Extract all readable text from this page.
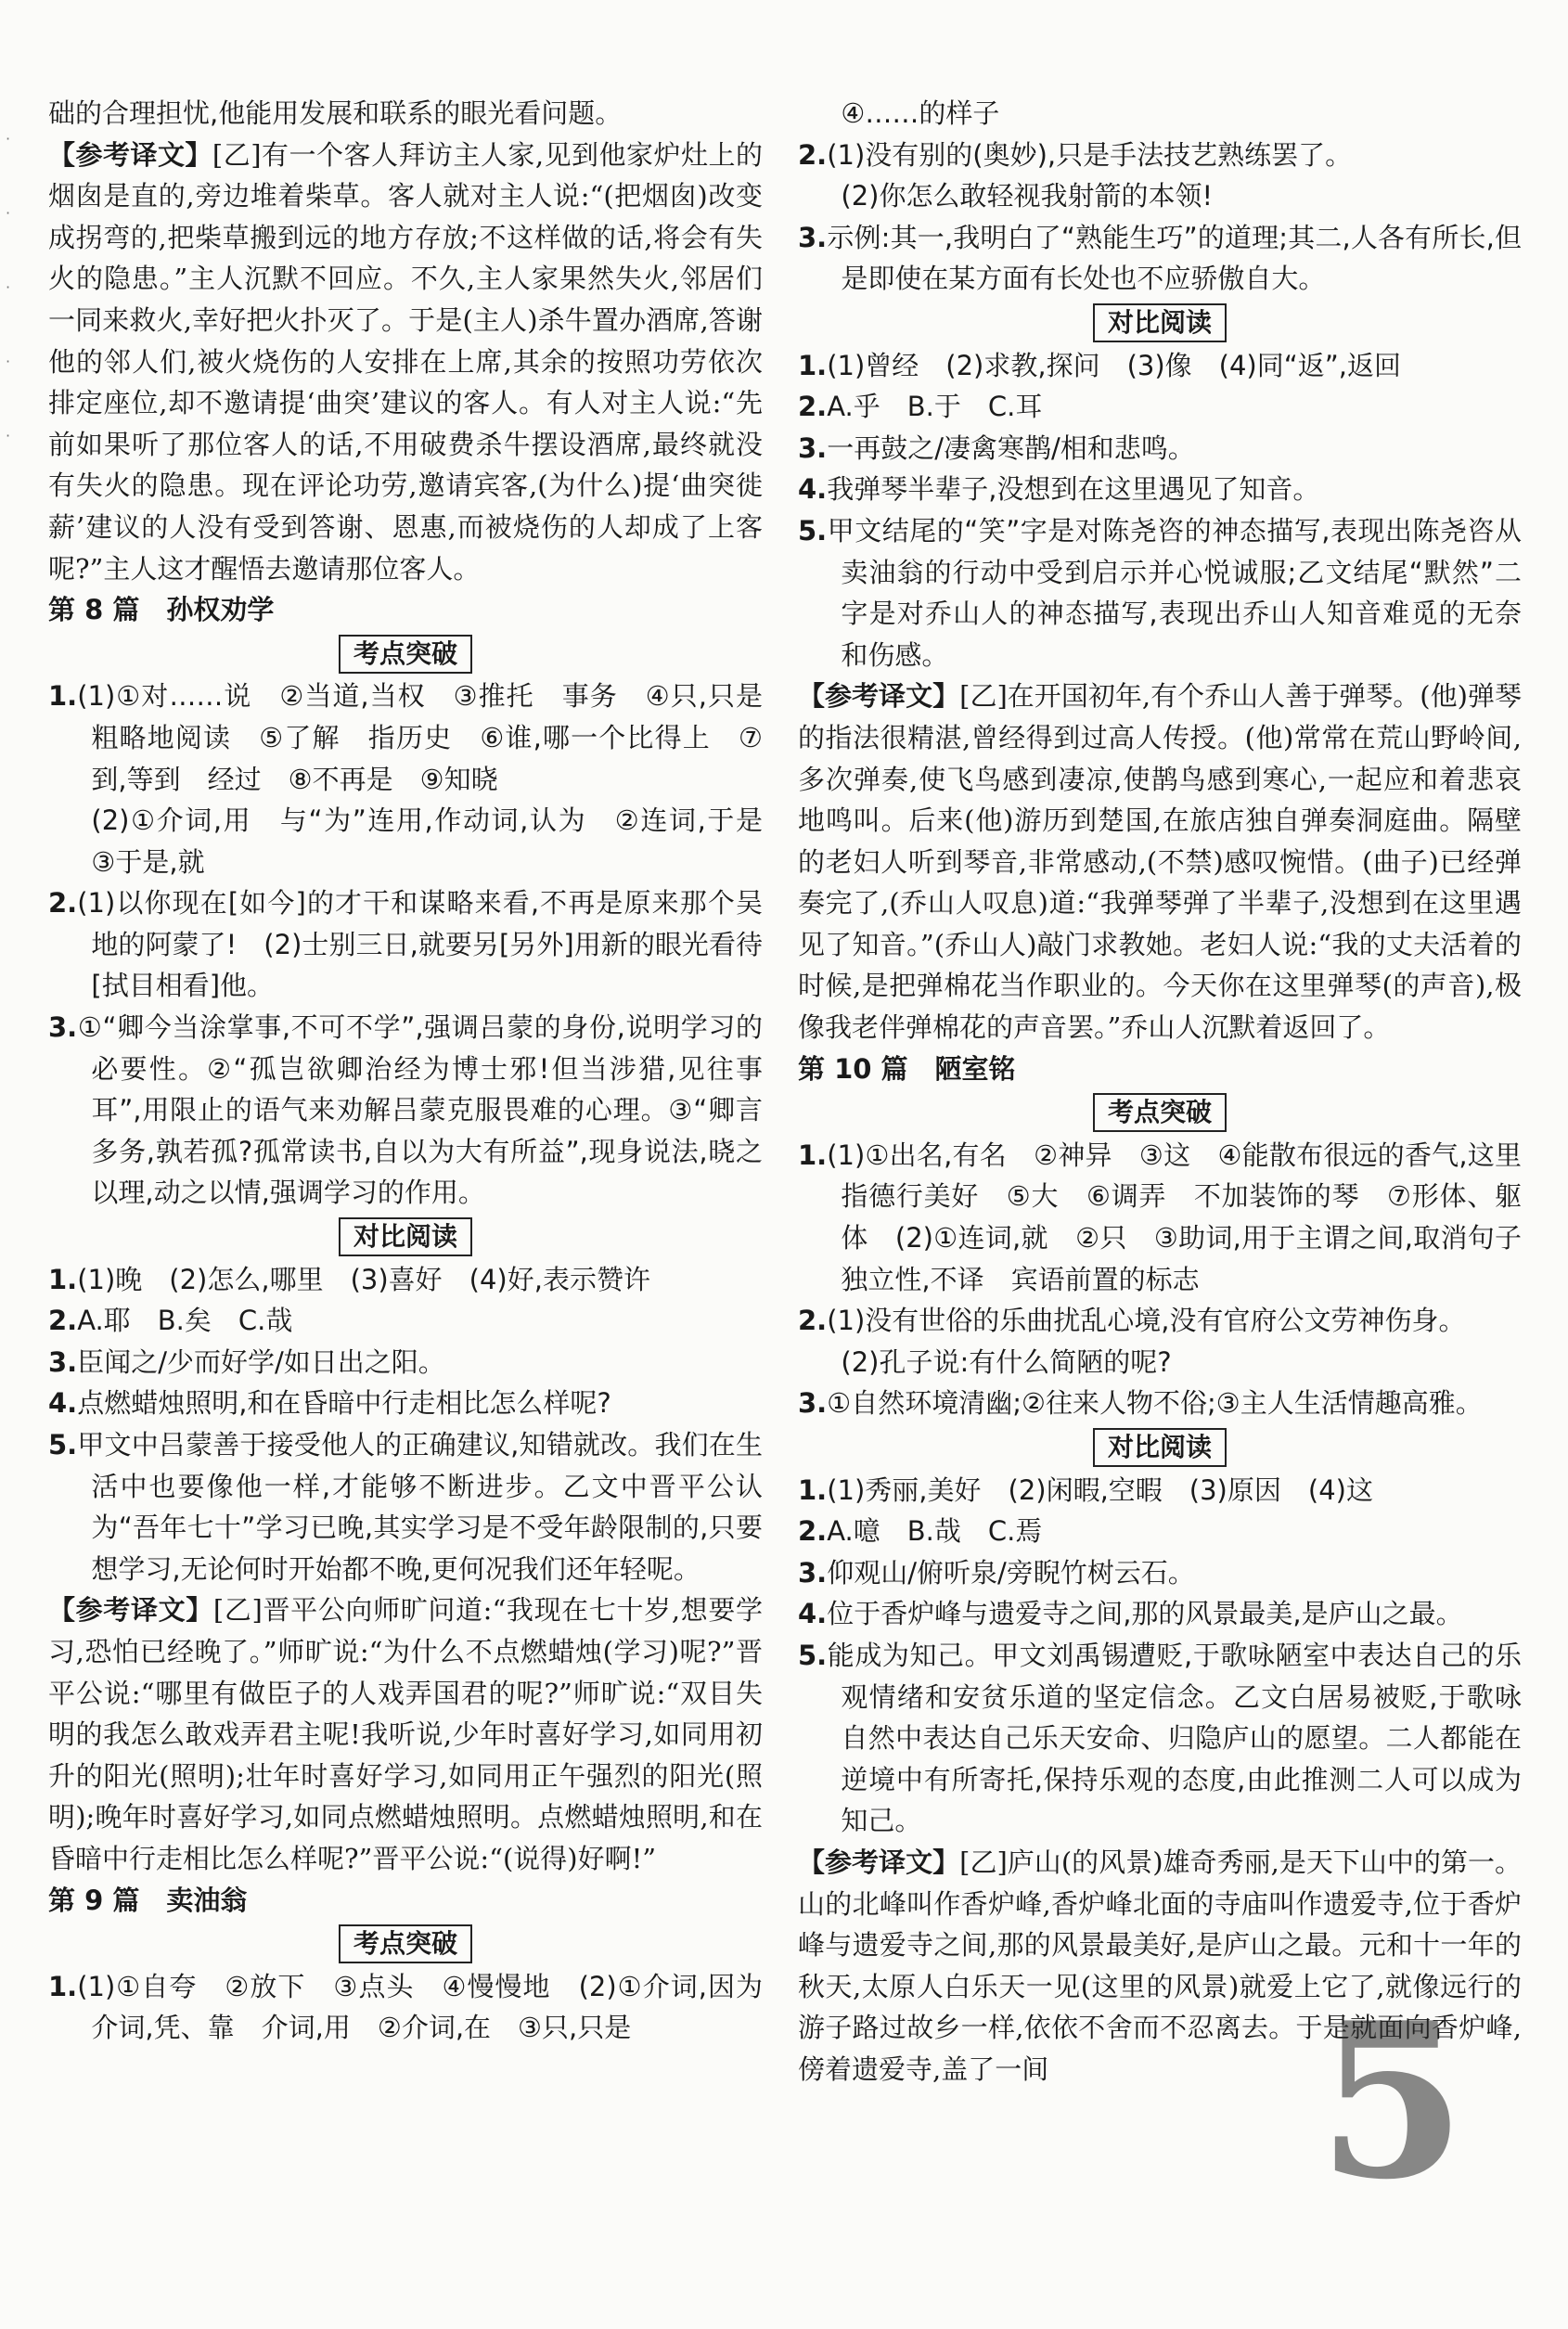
·
·
·
·
·

础的合理担忧,他能用发展和联系的眼光看问题。

【参考译文】[乙]有一个客人拜访主人家,见到他家炉灶上的烟囱是直的,旁边堆着柴草。客人就对主人说:“(把烟囱)改变成拐弯的,把柴草搬到远的地方存放;不这样做的话,将会有失火的隐患。”主人沉默不回应。不久,主人家果然失火,邻居们一同来救火,幸好把火扑灭了。于是(主人)杀牛置办酒席,答谢他的邻人们,被火烧伤的人安排在上席,其余的按照功劳依次排定座位,却不邀请提‘曲突’建议的客人。有人对主人说:“先前如果听了那位客人的话,不用破费杀牛摆设酒席,最终就没有失火的隐患。现在评论功劳,邀请宾客,(为什么)提‘曲突徙薪’建议的人没有受到答谢、恩惠,而被烧伤的人却成了上客呢?”主人这才醒悟去邀请那位客人。

第 8 篇　孙权劝学

考点突破

1.(1)①对……说　②当道,当权　③推托　事务　④只,只是　粗略地阅读　⑤了解　指历史　⑥谁,哪一个比得上　⑦到,等到　经过　⑧不再是　⑨知晓

(2)①介词,用　与“为”连用,作动词,认为　②连词,于是　③于是,就

2.(1)以你现在[如今]的才干和谋略来看,不再是原来那个吴地的阿蒙了!　(2)士别三日,就要另[另外]用新的眼光看待[拭目相看]他。

3.①“卿今当涂掌事,不可不学”,强调吕蒙的身份,说明学习的必要性。②“孤岂欲卿治经为博士邪!但当涉猎,见往事耳”,用限止的语气来劝解吕蒙克服畏难的心理。③“卿言多务,孰若孤?孤常读书,自以为大有所益”,现身说法,晓之以理,动之以情,强调学习的作用。

对比阅读

1.(1)晚　(2)怎么,哪里　(3)喜好　(4)好,表示赞许

2.A.耶　B.矣　C.哉

3.臣闻之/少而好学/如日出之阳。

4.点燃蜡烛照明,和在昏暗中行走相比怎么样呢?

5.甲文中吕蒙善于接受他人的正确建议,知错就改。我们在生活中也要像他一样,才能够不断进步。乙文中晋平公认为“吾年七十”学习已晚,其实学习是不受年龄限制的,只要想学习,无论何时开始都不晚,更何况我们还年轻呢。

【参考译文】[乙]晋平公向师旷问道:“我现在七十岁,想要学习,恐怕已经晚了。”师旷说:“为什么不点燃蜡烛(学习)呢?”晋平公说:“哪里有做臣子的人戏弄国君的呢?”师旷说:“双目失明的我怎么敢戏弄君主呢!我听说,少年时喜好学习,如同用初升的阳光(照明);壮年时喜好学习,如同用正午强烈的阳光(照明);晚年时喜好学习,如同点燃蜡烛照明。点燃蜡烛照明,和在昏暗中行走相比怎么样呢?”晋平公说:“(说得)好啊!”

第 9 篇　卖油翁

考点突破

1.(1)①自夸　②放下　③点头　④慢慢地　(2)①介词,因为　介词,凭、靠　介词,用　②介词,在　③只,只是

④……的样子

2.(1)没有别的(奥妙),只是手法技艺熟练罢了。

(2)你怎么敢轻视我射箭的本领!

3.示例:其一,我明白了“熟能生巧”的道理;其二,人各有所长,但是即使在某方面有长处也不应骄傲自大。

对比阅读

1.(1)曾经　(2)求教,探问　(3)像　(4)同“返”,返回

2.A.乎　B.于　C.耳

3.一再鼓之/凄禽寒鹊/相和悲鸣。

4.我弹琴半辈子,没想到在这里遇见了知音。

5.甲文结尾的“笑”字是对陈尧咨的神态描写,表现出陈尧咨从卖油翁的行动中受到启示并心悦诚服;乙文结尾“默然”二字是对乔山人的神态描写,表现出乔山人知音难觅的无奈和伤感。

【参考译文】[乙]在开国初年,有个乔山人善于弹琴。(他)弹琴的指法很精湛,曾经得到过高人传授。(他)常常在荒山野岭间,多次弹奏,使飞鸟感到凄凉,使鹊鸟感到寒心,一起应和着悲哀地鸣叫。后来(他)游历到楚国,在旅店独自弹奏洞庭曲。隔壁的老妇人听到琴音,非常感动,(不禁)感叹惋惜。(曲子)已经弹奏完了,(乔山人叹息)道:“我弹琴弹了半辈子,没想到在这里遇见了知音。”(乔山人)敲门求教她。老妇人说:“我的丈夫活着的时候,是把弹棉花当作职业的。今天你在这里弹琴(的声音),极像我老伴弹棉花的声音罢。”乔山人沉默着返回了。

第 10 篇　陋室铭

考点突破

1.(1)①出名,有名　②神异　③这　④能散布很远的香气,这里指德行美好　⑤大　⑥调弄　不加装饰的琴　⑦形体、躯体　(2)①连词,就　②只　③助词,用于主谓之间,取消句子独立性,不译　宾语前置的标志

2.(1)没有世俗的乐曲扰乱心境,没有官府公文劳神伤身。

(2)孔子说:有什么简陋的呢?

3.①自然环境清幽;②往来人物不俗;③主人生活情趣高雅。

对比阅读

1.(1)秀丽,美好　(2)闲暇,空暇　(3)原因　(4)这

2.A.噫　B.哉　C.焉

3.仰观山/俯听泉/旁睨竹树云石。

4.位于香炉峰与遗爱寺之间,那的风景最美,是庐山之最。

5.能成为知己。甲文刘禹锡遭贬,于歌咏陋室中表达自己的乐观情绪和安贫乐道的坚定信念。乙文白居易被贬,于歌咏自然中表达自己乐天安命、归隐庐山的愿望。二人都能在逆境中有所寄托,保持乐观的态度,由此推测二人可以成为知己。

【参考译文】[乙]庐山(的风景)雄奇秀丽,是天下山中的第一。山的北峰叫作香炉峰,香炉峰北面的寺庙叫作遗爱寺,位于香炉峰与遗爱寺之间,那的风景最美好,是庐山之最。元和十一年的秋天,太原人白乐天一见(这里的风景)就爱上它了,就像远行的游子路过故乡一样,依依不舍而不忍离去。于是就面向香炉峰,傍着遗爱寺,盖了一间	5
